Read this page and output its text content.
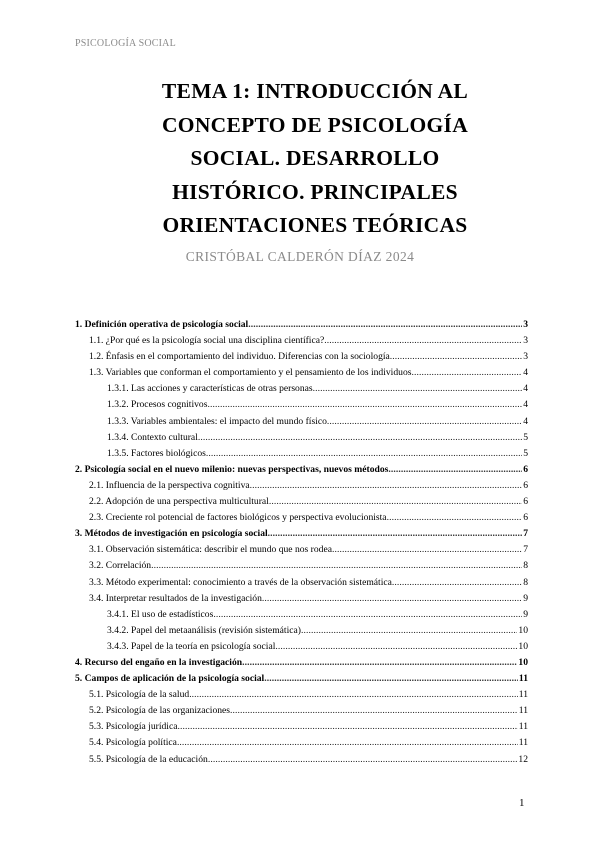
PSICOLOGÍA SOCIAL
TEMA 1: INTRODUCCIÓN AL
CONCEPTO DE PSICOLOGÍA
SOCIAL. DESARROLLO
HISTÓRICO. PRINCIPALES
ORIENTACIONES TEÓRICAS
CRISTÓBAL CALDERÓN DÍAZ 2024
1. Definición operativa de psicología social .....	3
1.1. ¿Por qué es la psicología social una disciplina científica? .....	3
1.2. Énfasis en el comportamiento del individuo. Diferencias con la sociología .....	3
1.3. Variables que conforman el comportamiento y el pensamiento de los individuos .....	4
1.3.1. Las acciones y características de otras personas .....	4
1.3.2. Procesos cognitivos .....	4
1.3.3. Variables ambientales: el impacto del mundo físico .....	4
1.3.4. Contexto cultural .....	5
1.3.5. Factores biológicos .....	5
2. Psicología social en el nuevo milenio: nuevas perspectivas, nuevos métodos .....	6
2.1. Influencia de la perspectiva cognitiva .....	6
2.2. Adopción de una perspectiva multicultural .....	6
2.3. Creciente rol potencial de factores biológicos y perspectiva evolucionista .....	6
3. Métodos de investigación en psicología social .....	7
3.1. Observación sistemática: describir el mundo que nos rodea .....	7
3.2. Correlación .....	8
3.3. Método experimental: conocimiento a través de la observación sistemática .....	8
3.4. Interpretar resultados de la investigación .....	9
3.4.1. El uso de estadísticos .....	9
3.4.2. Papel del metaanálisis (revisión sistemática) .....	10
3.4.3. Papel de la teoría en psicología social .....	10
4. Recurso del engaño en la investigación .....	10
5. Campos de aplicación de la psicología social .....	11
5.1. Psicología de la salud .....	11
5.2. Psicología de las organizaciones .....	11
5.3. Psicología jurídica .....	11
5.4. Psicología política .....	11
5.5. Psicología de la educación .....	12
1
